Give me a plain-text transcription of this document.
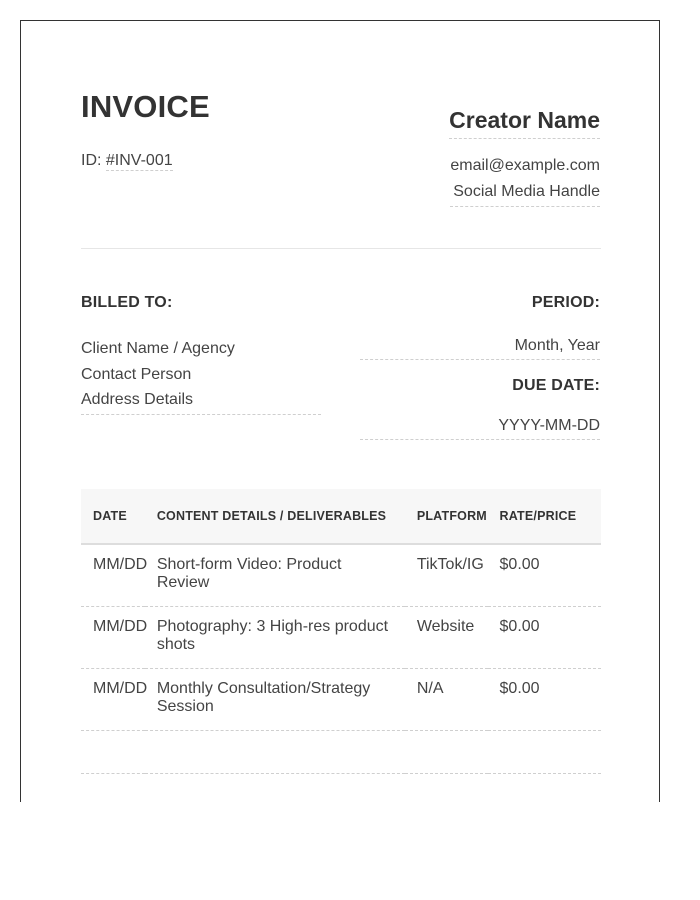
INVOICE
ID: #INV-001
Creator Name

email@example.com
Social Media Handle
BILLED TO:
Client Name / Agency
Contact Person
Address Details
PERIOD:
Month, Year
DUE DATE:
YYYY-MM-DD
DATE	CONTENT DETAILS / DELIVERABLES	PLATFORM	RATE/PRICE
MM/DD	Short-form Video: Product Review	TikTok/IG	$0.00
MM/DD	Photography: 3 High-res product shots	Website	$0.00
MM/DD	Monthly Consultation/Strategy Session	N/A	$0.00
